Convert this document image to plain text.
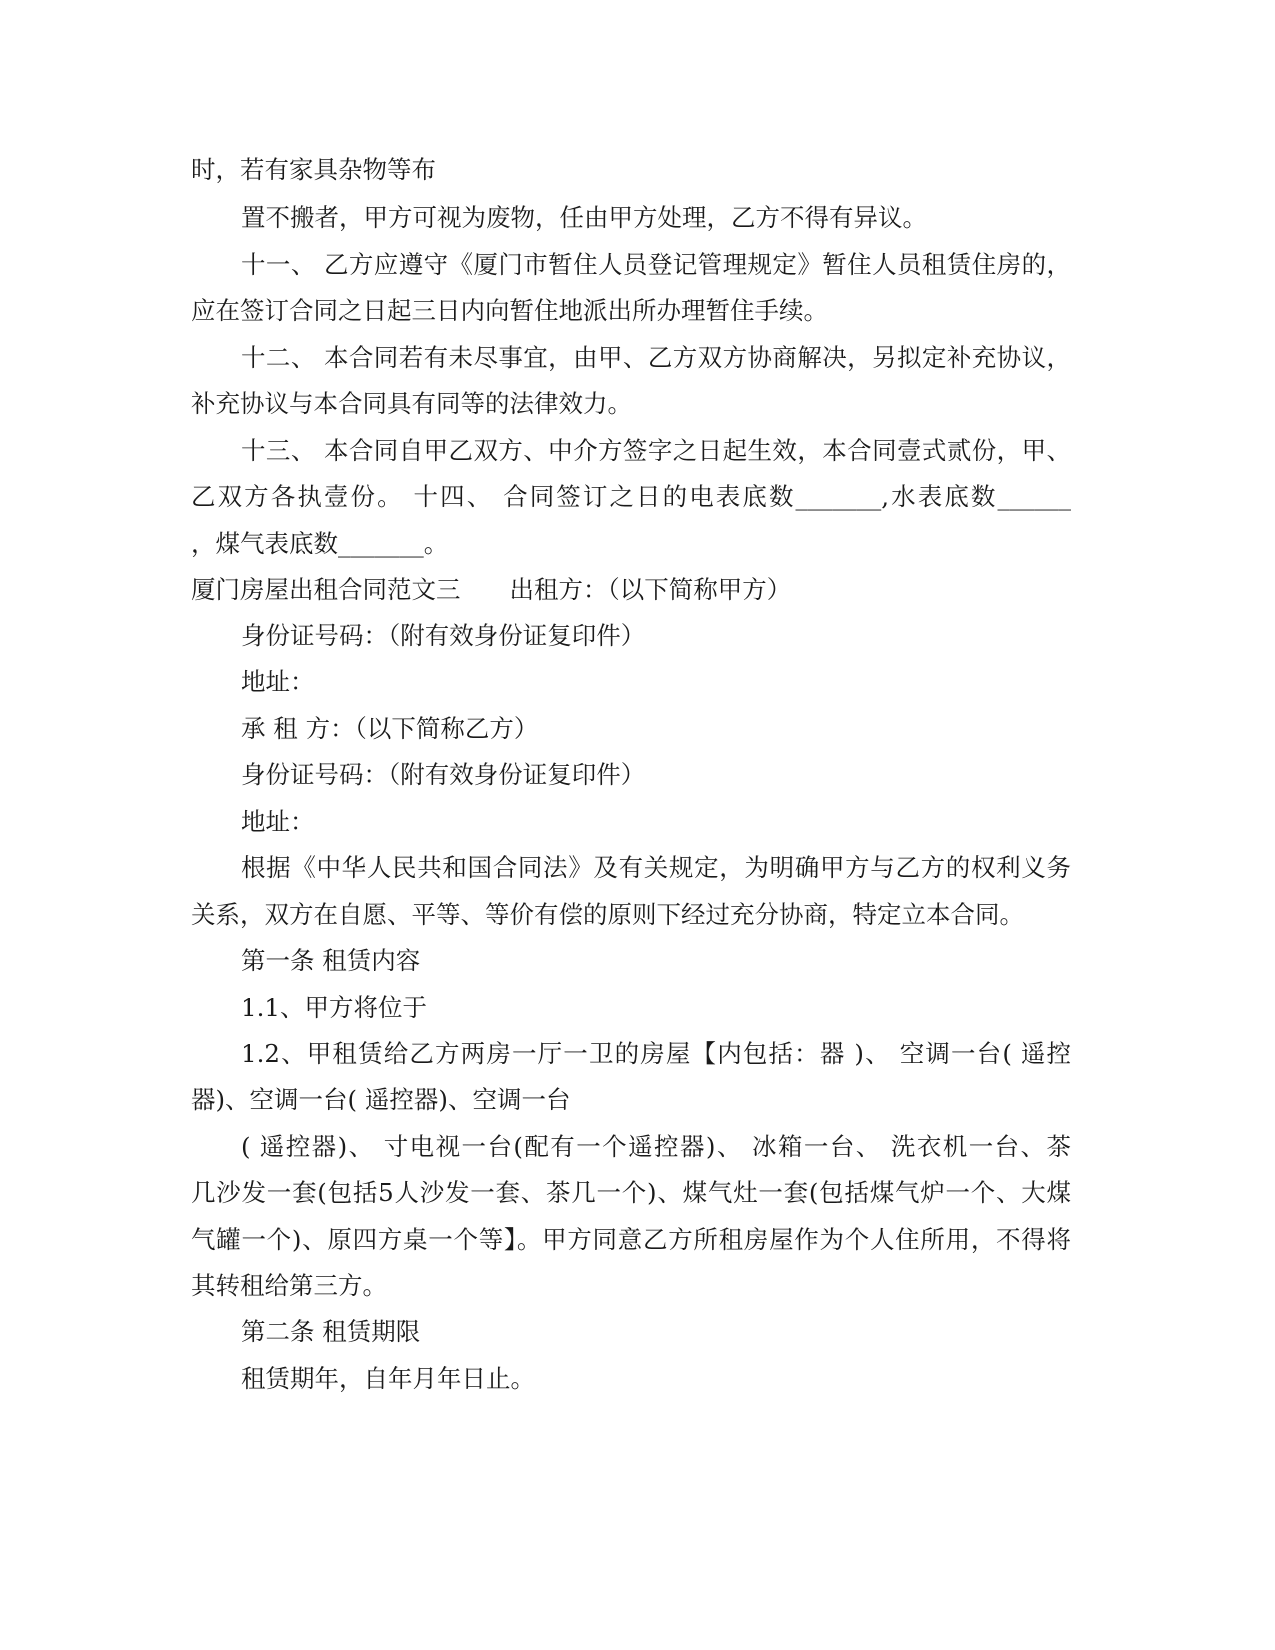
时，若有家具杂物等布
置不搬者，甲方可视为废物，任由甲方处理，乙方不得有异议。
十一、 乙方应遵守《厦门市暂住人员登记管理规定》暂住人员租赁住房的，
应在签订合同之日起三日内向暂住地派出所办理暂住手续。
十二、 本合同若有未尽事宜，由甲、乙方双方协商解决，另拟定补充协议，
补充协议与本合同具有同等的法律效力。
十三、 本合同自甲乙双方、中介方签字之日起生效，本合同壹式贰份，甲、
乙双方各执壹份。 十四、 合同签订之日的电表底数_______,水表底数______
，煤气表底数_______。
厦门房屋出租合同范文三　　出租方：（以下简称甲方）
身份证号码：（附有效身份证复印件）
地址：
承 租 方：（以下简称乙方）
身份证号码：（附有效身份证复印件）
地址：
根据《中华人民共和国合同法》及有关规定，为明确甲方与乙方的权利义务
关系，双方在自愿、平等、等价有偿的原则下经过充分协商，特定立本合同。
第一条 租赁内容
1.1、甲方将位于
1.2、甲租赁给乙方两房一厅一卫的房屋【内包括：器 )、 空调一台( 遥控
器)、空调一台( 遥控器)、空调一台
( 遥控器)、 寸电视一台(配有一个遥控器)、 冰箱一台、 洗衣机一台、茶
几沙发一套(包括5人沙发一套、茶几一个)、煤气灶一套(包括煤气炉一个、大煤
气罐一个)、原四方桌一个等】。甲方同意乙方所租房屋作为个人住所用，不得将
其转租给第三方。
第二条 租赁期限
租赁期年，自年月年日止。
